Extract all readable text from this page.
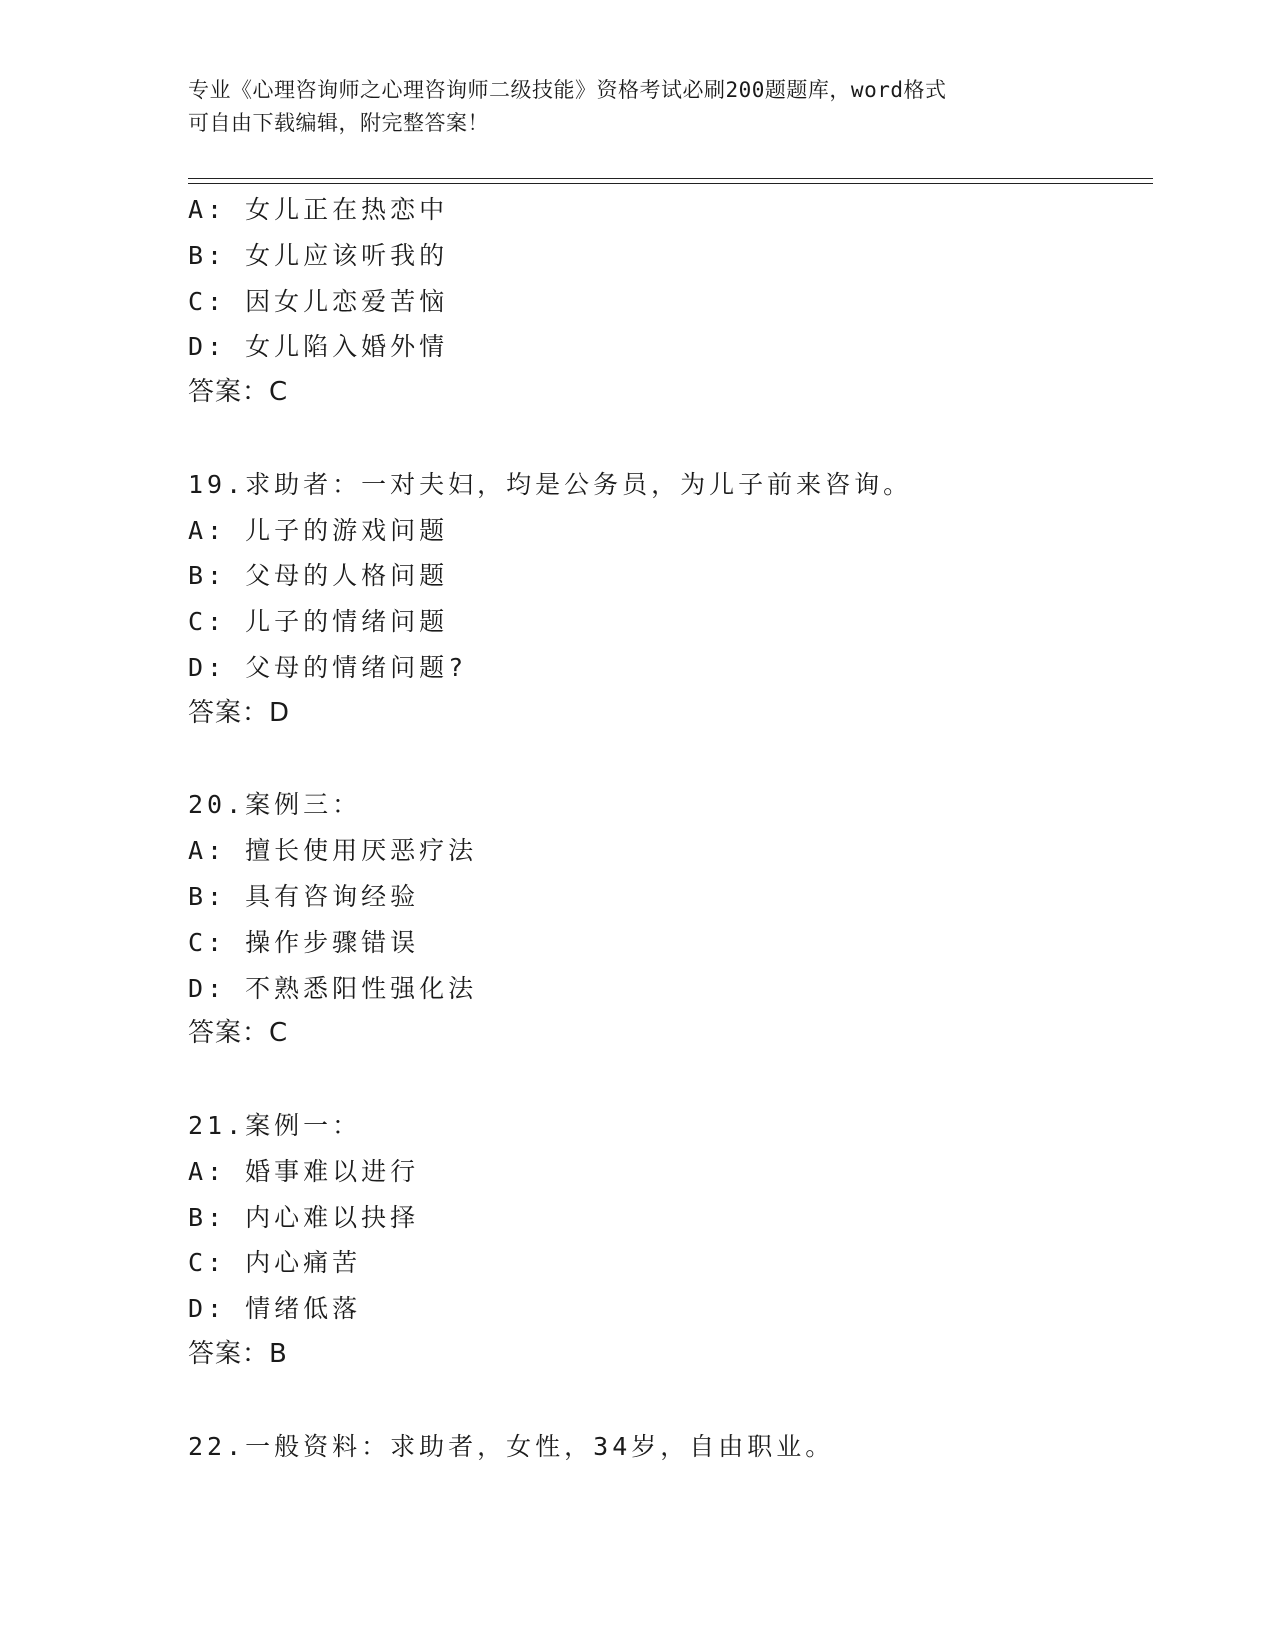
专业《心理咨询师之心理咨询师二级技能》资格考试必刷200题题库，word格式
可自由下载编辑，附完整答案！
A: 女儿正在热恋中
B: 女儿应该听我的
C: 因女儿恋爱苦恼
D: 女儿陷入婚外情
答案：C
19.求助者：一对夫妇，均是公务员，为儿子前来咨询。
A: 儿子的游戏问题
B: 父母的人格问题
C: 儿子的情绪问题
D: 父母的情绪问题?
答案：D
20.案例三：
A: 擅长使用厌恶疗法
B: 具有咨询经验
C: 操作步骤错误
D: 不熟悉阳性强化法
答案：C
21.案例一：
A: 婚事难以进行
B: 内心难以抉择
C: 内心痛苦
D: 情绪低落
答案：B
22.一般资料：求助者，女性，34岁，自由职业。
